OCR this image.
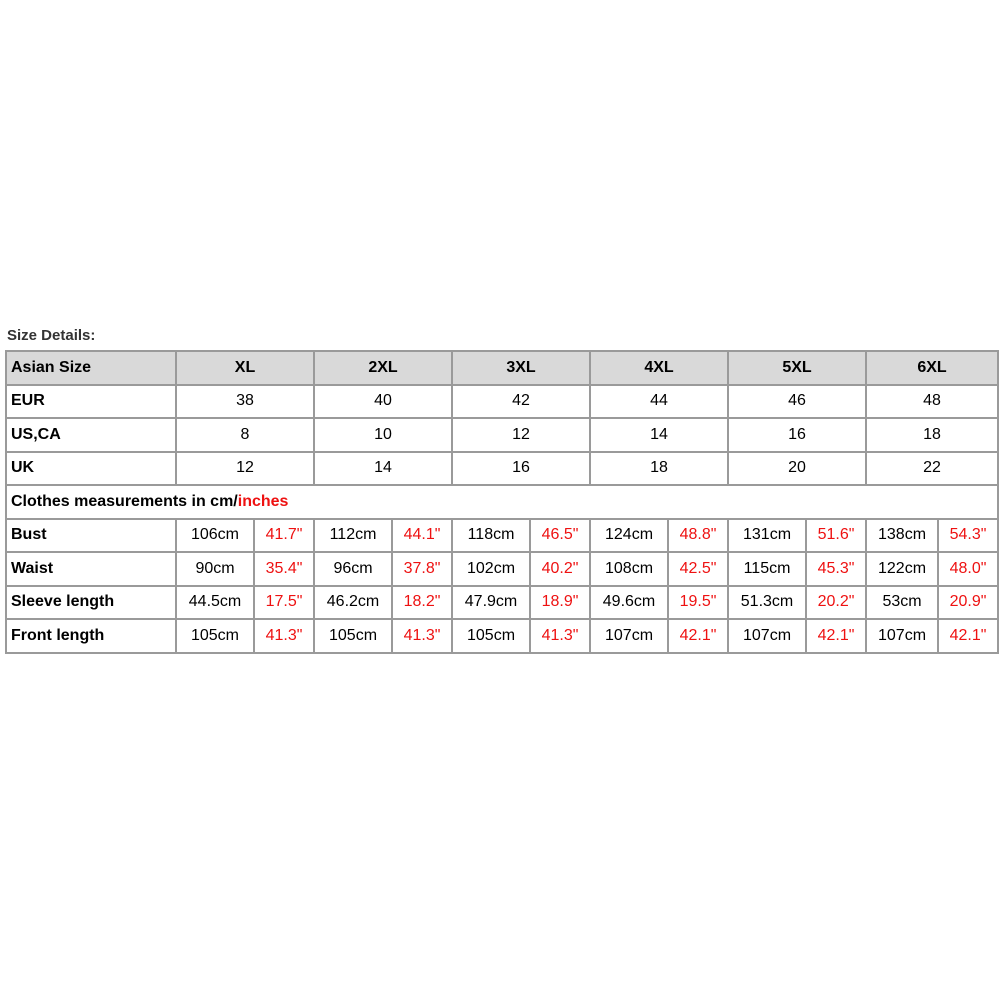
Size Details:
Asian Size	XL		2XL		3XL		4XL		5XL		6XL	
EUR	38		40		42		44		46		48	
US,CA	8		10		12		14		16		18	
UK	12		14		16		18		20		22	
Clothes measurements in cm/inches												
Bust	106cm	41.7"	112cm	44.1"	118cm	46.5"	124cm	48.8"	131cm	51.6"	138cm	54.3"
Waist	90cm	35.4"	96cm	37.8"	102cm	40.2"	108cm	42.5"	115cm	45.3"	122cm	48.0"
Sleeve length	44.5cm	17.5"	46.2cm	18.2"	47.9cm	18.9"	49.6cm	19.5"	51.3cm	20.2"	53cm	20.9"
Front length	105cm	41.3"	105cm	41.3"	105cm	41.3"	107cm	42.1"	107cm	42.1"	107cm	42.1"
